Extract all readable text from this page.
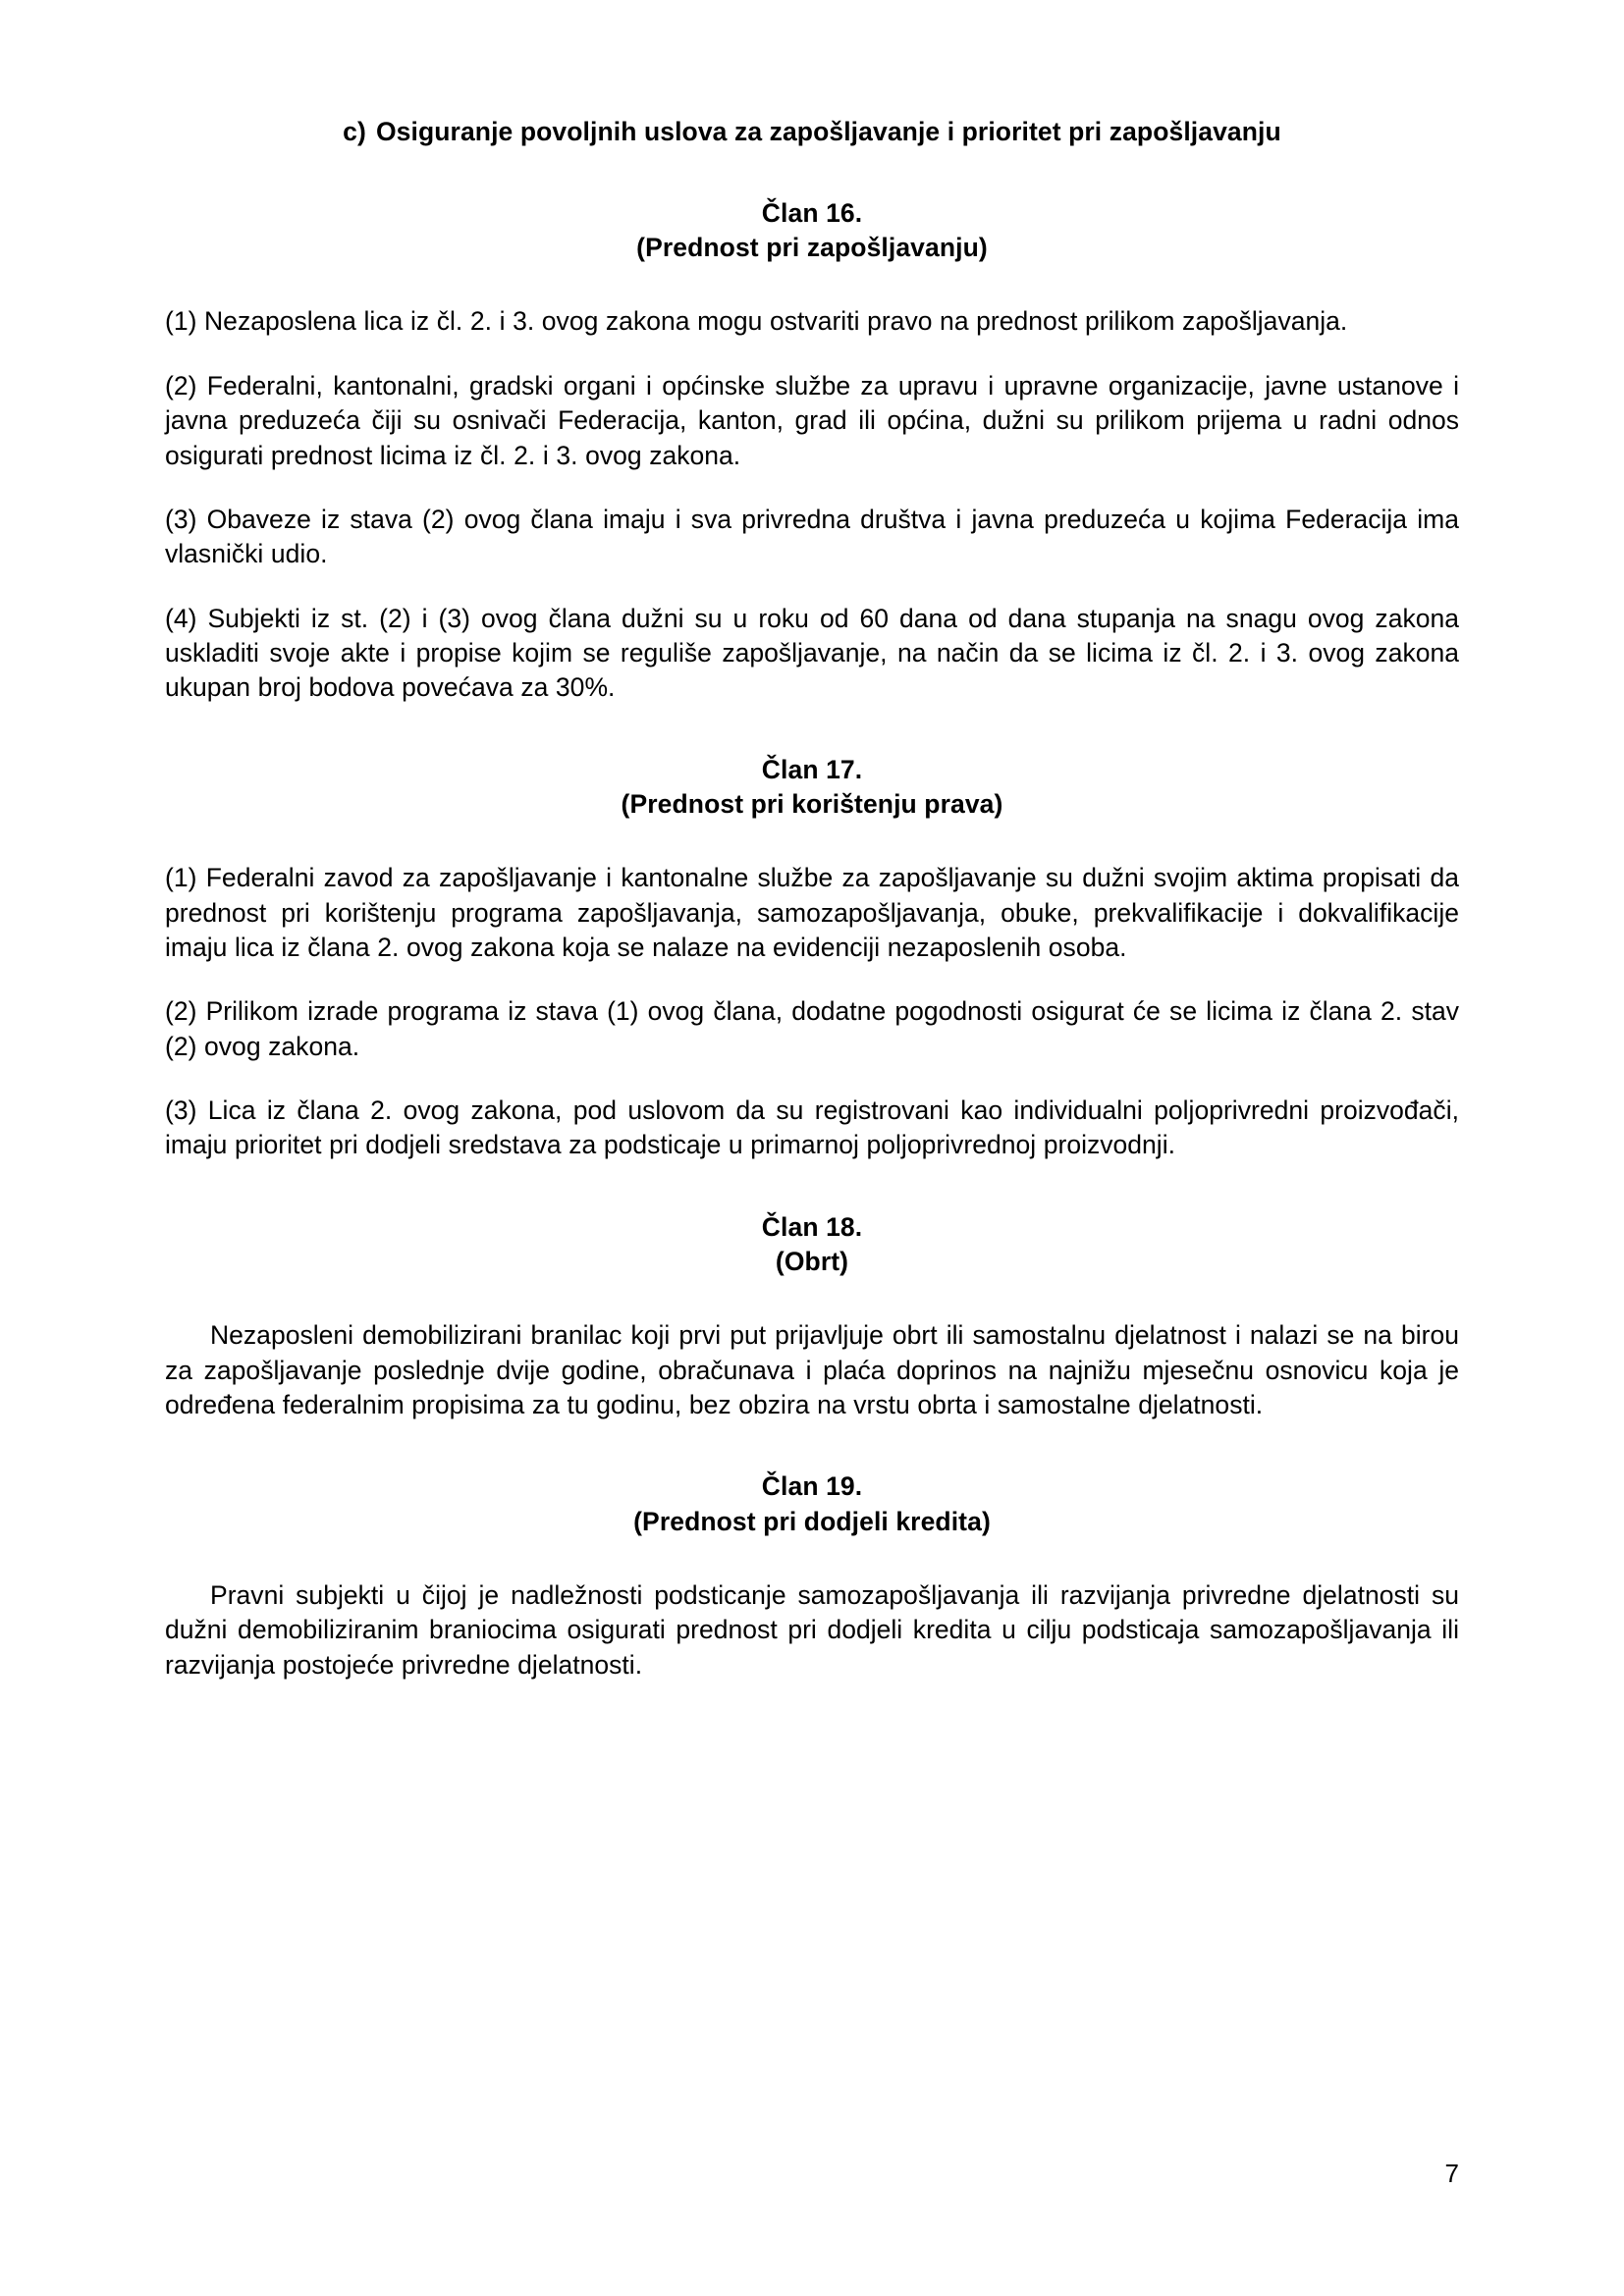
c) Osiguranje povoljnih uslova za zapošljavanje i prioritet pri zapošljavanju
Član 16.
(Prednost pri zapošljavanju)

(1) Nezaposlena lica iz čl. 2. i 3. ovog zakona mogu ostvariti pravo na prednost prilikom zapošljavanja.

(2) Federalni, kantonalni, gradski organi i općinske službe za upravu i upravne organizacije, javne ustanove i javna preduzeća čiji su osnivači Federacija, kanton, grad ili općina, dužni su prilikom prijema u radni odnos osigurati prednost licima iz čl. 2. i 3. ovog zakona.

(3) Obaveze iz stava (2) ovog člana imaju i sva privredna društva i javna preduzeća u kojima Federacija ima vlasnički udio.

(4) Subjekti iz st. (2) i (3) ovog člana dužni su u roku od 60 dana od dana stupanja na snagu ovog zakona uskladiti svoje akte i propise kojim se reguliše zapošljavanje, na način da se licima iz čl. 2. i 3. ovog zakona ukupan broj bodova povećava za 30%.

Član 17.
(Prednost pri korištenju prava)

(1) Federalni zavod za zapošljavanje i kantonalne službe za zapošljavanje su dužni svojim aktima propisati da prednost pri korištenju programa zapošljavanja, samozapošljavanja, obuke, prekvalifikacije i dokvalifikacije imaju lica iz člana 2. ovog zakona koja se nalaze na evidenciji nezaposlenih osoba.

(2) Prilikom izrade programa iz stava (1) ovog člana, dodatne pogodnosti osigurat će se licima iz člana 2. stav (2) ovog zakona.

(3) Lica iz člana 2. ovog zakona, pod uslovom da su registrovani kao individualni poljoprivredni proizvođači, imaju prioritet pri dodjeli sredstava za podsticaje u primarnoj poljoprivrednoj proizvodnji.

Član 18.
(Obrt)

Nezaposleni demobilizirani branilac koji prvi put prijavljuje obrt ili samostalnu djelatnost i nalazi se na birou za zapošljavanje poslednje dvije godine, obračunava i plaća doprinos na najnižu mjesečnu osnovicu koja je određena federalnim propisima za tu godinu, bez obzira na vrstu obrta i samostalne djelatnosti.

Član 19.
(Prednost pri dodjeli kredita)

Pravni subjekti u čijoj je nadležnosti podsticanje samozapošljavanja ili razvijanja privredne djelatnosti su dužni demobiliziranim braniocima osigurati prednost pri dodjeli kredita u cilju podsticaja samozapošljavanja ili razvijanja postojeće privredne djelatnosti.

7
